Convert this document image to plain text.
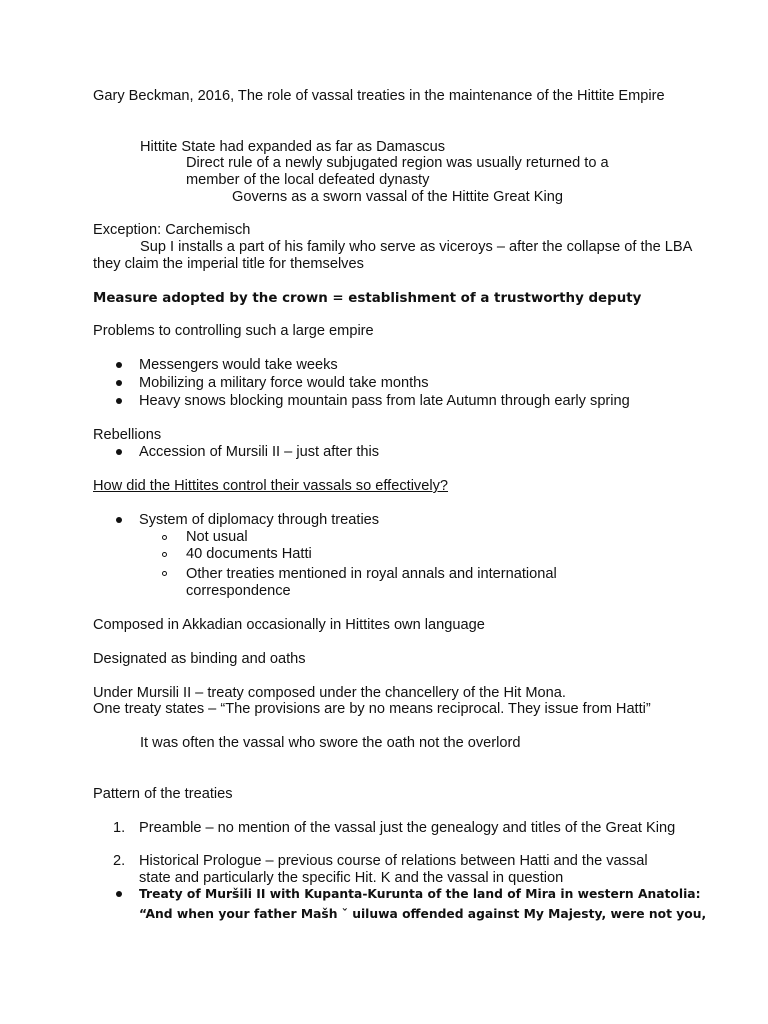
Gary Beckman, 2016, The role of vassal treaties in the maintenance of the Hittite Empire

Hittite State had expanded as far as Damascus

Direct rule of a newly subjugated region was usually returned to a member of the local defeated dynasty

Governs as a sworn vassal of the Hittite Great King

Exception: Carchemisch

Sup I installs a part of his family who serve as viceroys – after the collapse of the LBA they claim the imperial title for themselves

Measure adopted by the crown = establishment of a trustworthy deputy

Problems to controlling such a large empire

Messengers would take weeks

Mobilizing a military force would take months

Heavy snows blocking mountain pass from late Autumn through early spring

Rebellions

Accession of Mursili II – just after this

How did the Hittites control their vassals so effectively?

System of diplomacy through treaties

Not usual

40 documents Hatti

Other treaties mentioned in royal annals and international correspondence

Composed in Akkadian occasionally in Hittites own language

Designated as binding and oaths

Under Mursili II – treaty composed under the chancellery of the Hit Mona.

One treaty states – “The provisions are by no means reciprocal. They issue from Hatti”

It was often the vassal who swore the oath not the overlord

Pattern of the treaties

1. Preamble – no mention of the vassal just the genealogy and titles of the Great King

2. Historical Prologue – previous course of relations between Hatti and the vassal state and particularly the specific Hit. K and the vassal in question

Treaty of Muršili II with Kupanta-Kurunta of the land of Mira in western Anatolia:

“And when your father Mašh ˇ uiluwa offended against My Majesty, were not you,
